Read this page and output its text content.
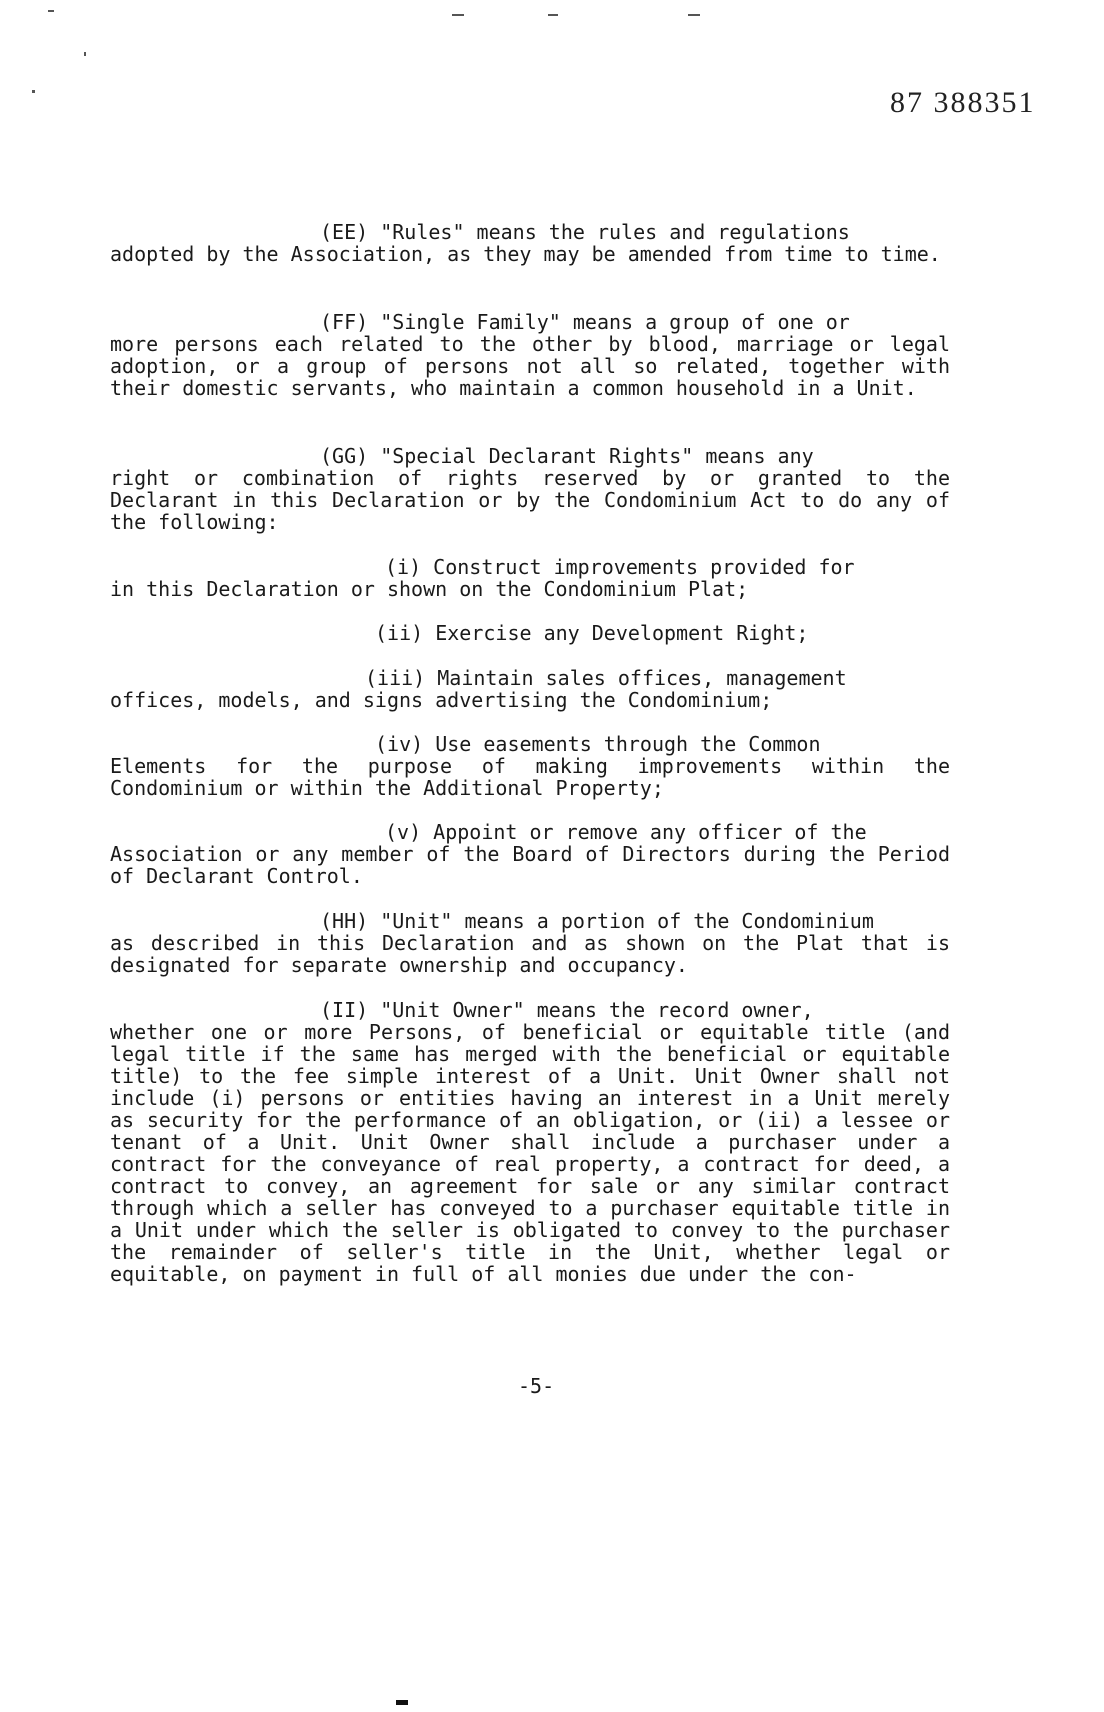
87 388351

(EE) "Rules" means the rules and regulations
adopted by the Association, as they may be amended from time to time.

(FF) "Single Family" means a group of one or
more persons each related to the other by blood, marriage or legal adoption, or a group of persons not all so related, together with their domestic servants, who maintain a common household in a Unit.

(GG) "Special Declarant Rights" means any
right or combination of rights reserved by or granted to the Declarant in this Declaration or by the Condominium Act to do any of the following:

(i) Construct improvements provided for
in this Declaration or shown on the Condominium Plat;

(ii) Exercise any Development Right;

(iii) Maintain sales offices, management
offices, models, and signs advertising the Condominium;

(iv) Use easements through the Common
Elements for the purpose of making improvements within the Condominium or within the Additional Property;

(v) Appoint or remove any officer of the
Association or any member of the Board of Directors during the Period of Declarant Control.

(HH) "Unit" means a portion of the Condominium
as described in this Declaration and as shown on the Plat that is designated for separate ownership and occupancy.

(II) "Unit Owner" means the record owner,
whether one or more Persons, of beneficial or equitable title (and legal title if the same has merged with the beneficial or equitable title) to the fee simple interest of a Unit. Unit Owner shall not include (i) persons or entities having an interest in a Unit merely as security for the performance of an obligation, or (ii) a lessee or tenant of a Unit. Unit Owner shall include a purchaser under a contract for the conveyance of real property, a contract for deed, a contract to convey, an agreement for sale or any similar contract through which a seller has conveyed to a purchaser equitable title in a Unit under which the seller is obligated to convey to the purchaser the remainder of seller's title in the Unit, whether legal or equitable, on payment in full of all monies due under the con-

-5-
